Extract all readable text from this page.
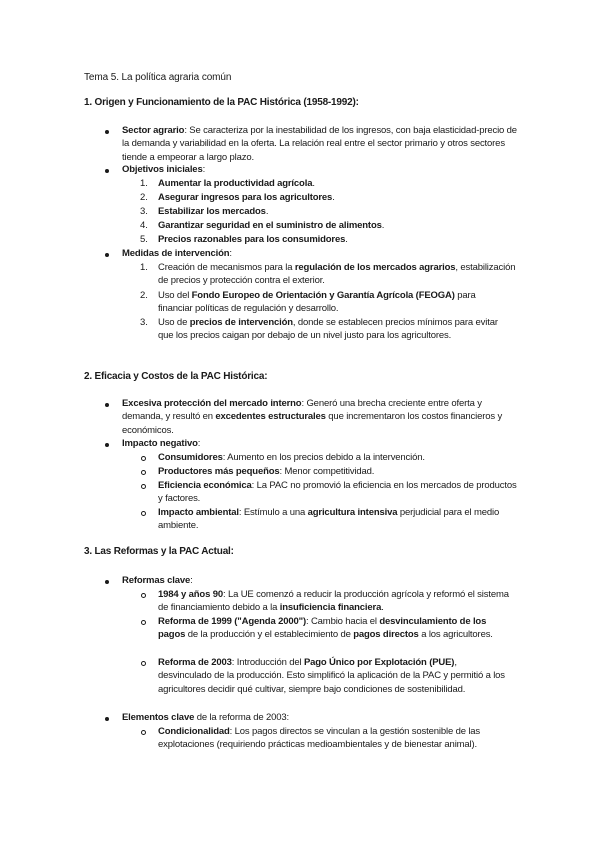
Tema 5. La política agraria común
1. Origen y Funcionamiento de la PAC Histórica (1958-1992):
Sector agrario: Se caracteriza por la inestabilidad de los ingresos, con baja elasticidad-precio de la demanda y variabilidad en la oferta. La relación real entre el sector primario y otros sectores tiende a empeorar a largo plazo.
Objetivos iniciales:
1. Aumentar la productividad agrícola.
2. Asegurar ingresos para los agricultores.
3. Estabilizar los mercados.
4. Garantizar seguridad en el suministro de alimentos.
5. Precios razonables para los consumidores.
Medidas de intervención:
1. Creación de mecanismos para la regulación de los mercados agrarios, estabilización de precios y protección contra el exterior.
2. Uso del Fondo Europeo de Orientación y Garantía Agrícola (FEOGA) para financiar políticas de regulación y desarrollo.
3. Uso de precios de intervención, donde se establecen precios mínimos para evitar que los precios caigan por debajo de un nivel justo para los agricultores.
2. Eficacia y Costos de la PAC Histórica:
Excesiva protección del mercado interno: Generó una brecha creciente entre oferta y demanda, y resultó en excedentes estructurales que incrementaron los costos financieros y económicos.
Impacto negativo:
Consumidores: Aumento en los precios debido a la intervención.
Productores más pequeños: Menor competitividad.
Eficiencia económica: La PAC no promovió la eficiencia en los mercados de productos y factores.
Impacto ambiental: Estímulo a una agricultura intensiva perjudicial para el medio ambiente.
3. Las Reformas y la PAC Actual:
Reformas clave:
1984 y años 90: La UE comenzó a reducir la producción agrícola y reformó el sistema de financiamiento debido a la insuficiencia financiera.
Reforma de 1999 ("Agenda 2000"): Cambio hacia el desvinculamiento de los pagos de la producción y el establecimiento de pagos directos a los agricultores.
Reforma de 2003: Introducción del Pago Único por Explotación (PUE), desvinculado de la producción. Esto simplificó la aplicación de la PAC y permitió a los agricultores decidir qué cultivar, siempre bajo condiciones de sostenibilidad.
Elementos clave de la reforma de 2003:
Condicionalidad: Los pagos directos se vinculan a la gestión sostenible de las explotaciones (requiriendo prácticas medioambientales y de bienestar animal).
